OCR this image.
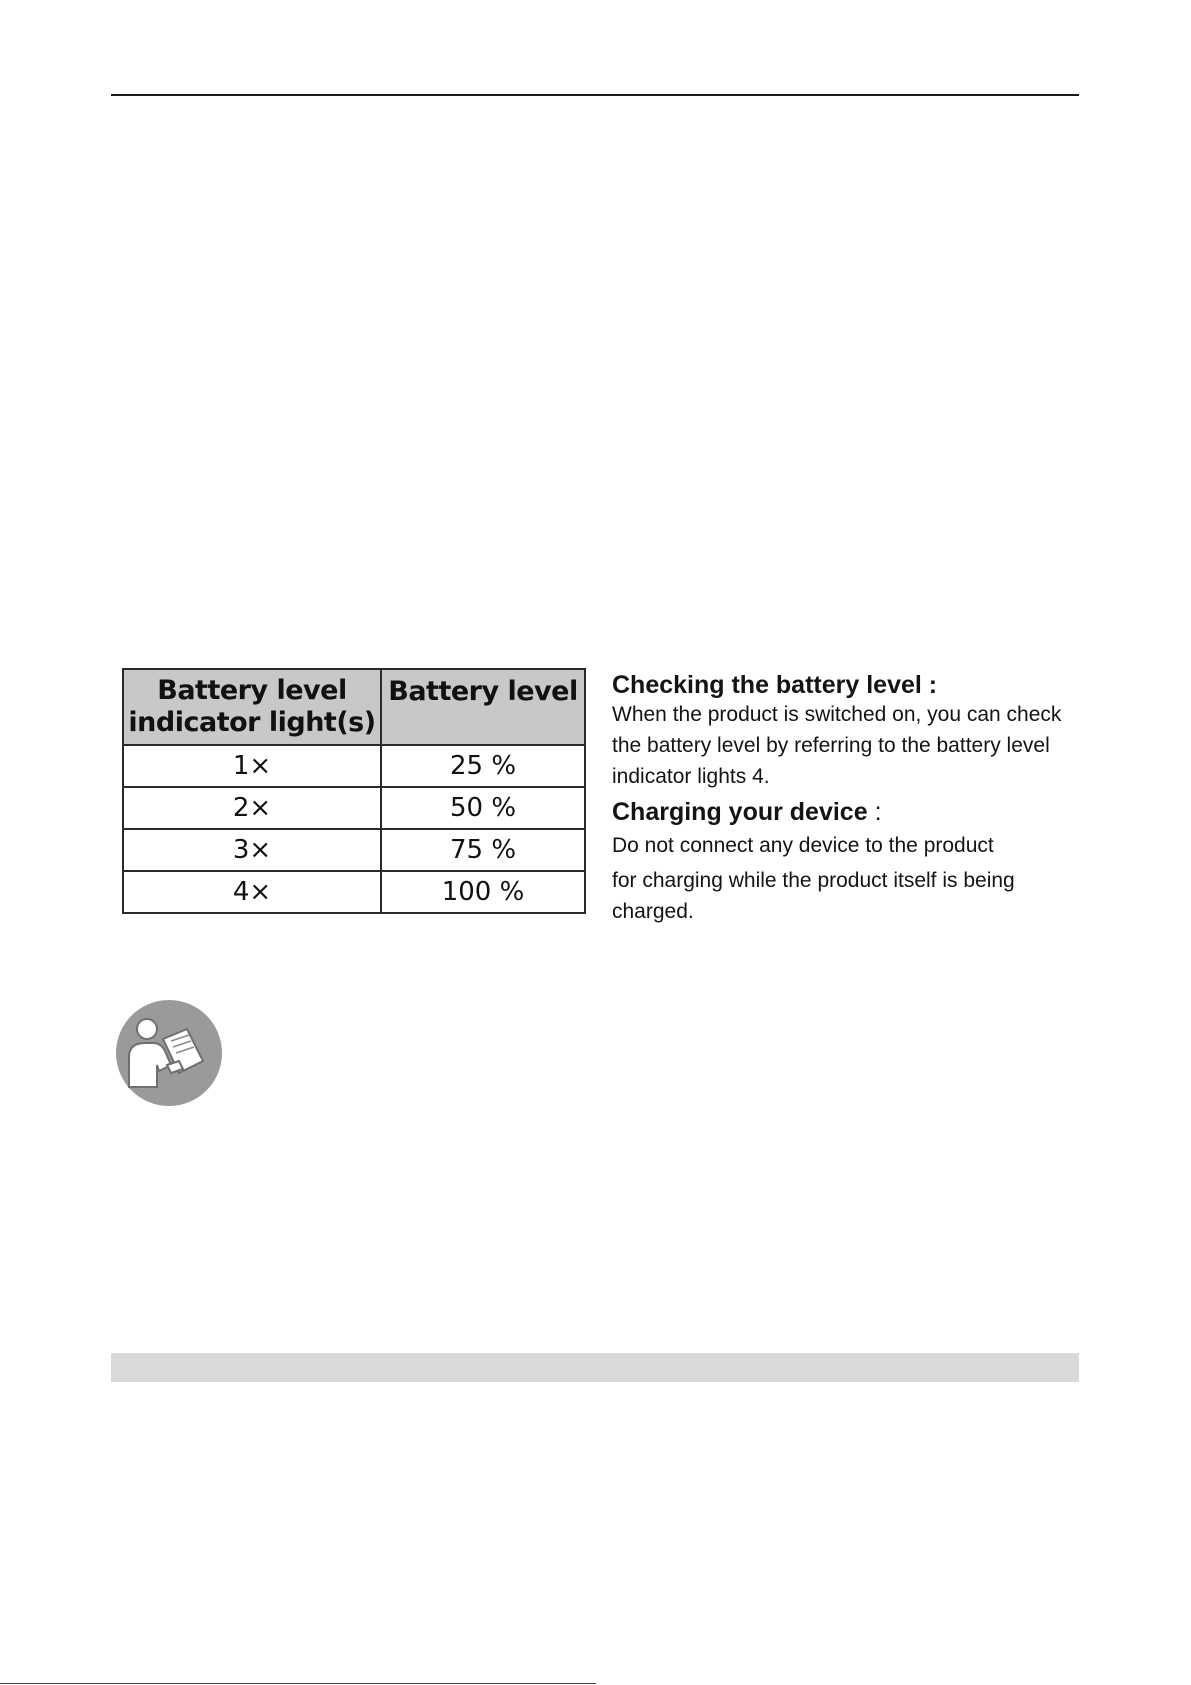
Battery level
indicator light(s)	Battery level
1×	25 %
2×	50 %
3×	75 %
4×	100 %

Checking the battery level :

When the product is switched on, you can check the battery level by referring to the battery level indicator lights 4.

Charging your device :

Do not connect any device to the product
for charging while the product itself is being charged.
